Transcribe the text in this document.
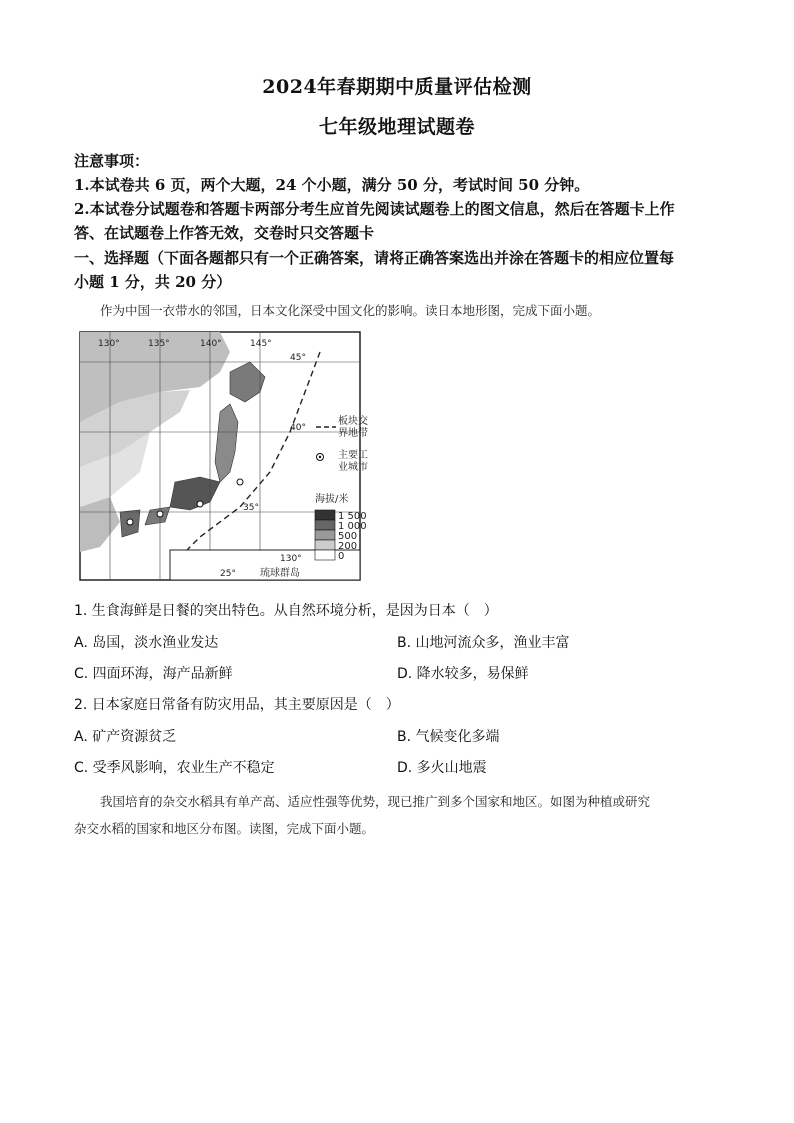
2024年春期期中质量评估检测
七年级地理试题卷
注意事项：
1.本试卷共 6 页，两个大题，24 个小题，满分 50 分，考试时间 50 分钟。
2.本试卷分试题卷和答题卡两部分考生应首先阅读试题卷上的图文信息，然后在答题卡上作
答、在试题卷上作答无效，交卷时只交答题卡
一、选择题（下面各题都只有一个正确答案，请将正确答案选出并涂在答题卡的相应位置每
小题 1 分，共 20 分）
作为中国一衣带水的邻国，日本文化深受中国文化的影响。读日本地形图，完成下面小题。
130°	135°	140°	145°
45°
40°
35°
130°
25° 琉球群岛
板块交
界地带
主要工
业城市
海拔/米
1 500
1 000
500
200
0
1. 生食海鲜是日餐的突出特色。从自然环境分析，是因为日本（　）
A. 岛国，淡水渔业发达	B. 山地河流众多，渔业丰富
C. 四面环海，海产品新鲜	D. 降水较多，易保鲜
2. 日本家庭日常备有防灾用品，其主要原因是（　）
A. 矿产资源贫乏	B. 气候变化多端
C. 受季风影响，农业生产不稳定	D. 多火山地震
我国培育的杂交水稻具有单产高、适应性强等优势，现已推广到多个国家和地区。如图为种植或研究
杂交水稻的国家和地区分布图。读图，完成下面小题。
